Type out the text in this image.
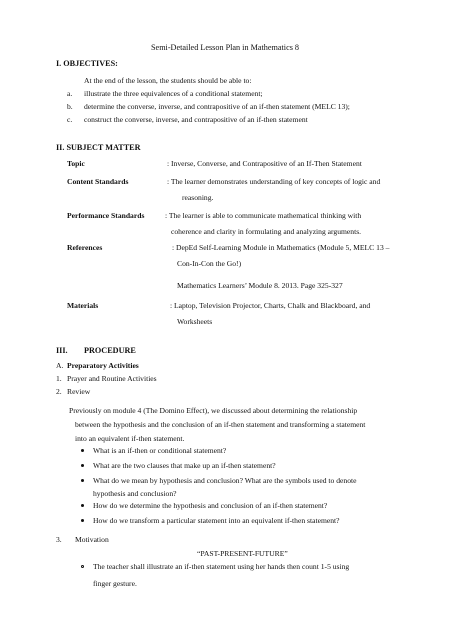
Semi-Detailed Lesson Plan in Mathematics 8
I. OBJECTIVES:
At the end of the lesson, the students should be able to:
a. illustrate the three equivalences of a conditional statement;
b. determine the converse, inverse, and contrapositive of an if-then statement (MELC 13);
c. construct the converse, inverse, and contrapositive of an if-then statement
II. SUBJECT MATTER
Topic	: Inverse, Converse, and Contrapositive of an If-Then Statement
Content Standards	: The learner demonstrates understanding of key concepts of logic and
reasoning.
Performance Standards	: The learner is able to communicate mathematical thinking with
coherence and clarity in formulating and analyzing arguments.
References	: DepEd Self-Learning Module in Mathematics (Module 5, MELC 13 –
Con-In-Con the Go!)
Mathematics Learners’ Module 8. 2013. Page 325-327
Materials	: Laptop, Television Projector, Charts, Chalk and Blackboard, and
Worksheets
III. PROCEDURE
A. Preparatory Activities
1. Prayer and Routine Activities
2. Review
Previously on module 4 (The Domino Effect), we discussed about determining the relationship
between the hypothesis and the conclusion of an if-then statement and transforming a statement
into an equivalent if-then statement.
What is an if-then or conditional statement?
What are the two clauses that make up an if-then statement?
What do we mean by hypothesis and conclusion? What are the symbols used to denote
hypothesis and conclusion?
How do we determine the hypothesis and conclusion of an if-then statement?
How do we transform a particular statement into an equivalent if-then statement?
3. Motivation
“PAST-PRESENT-FUTURE”
The teacher shall illustrate an if-then statement using her hands then count 1-5 using
finger gesture.
